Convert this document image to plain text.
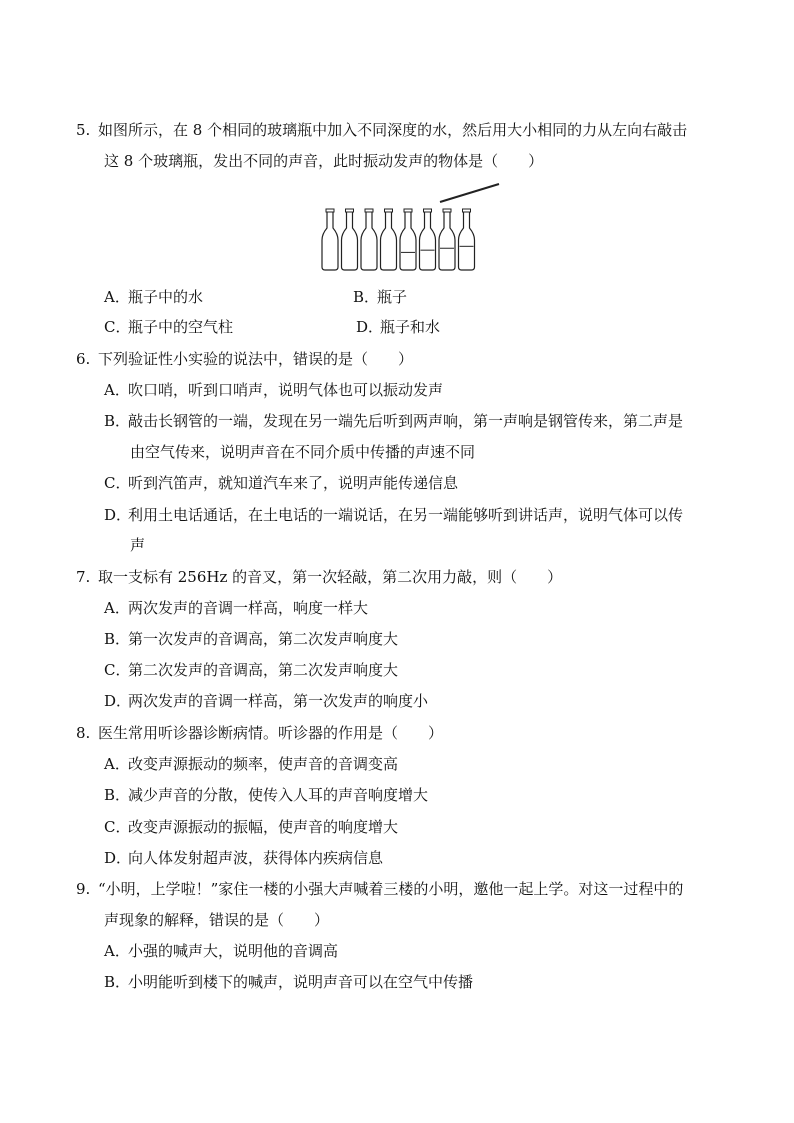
5. 如图所示，在 8 个相同的玻璃瓶中加入不同深度的水，然后用大小相同的力从左向右敲击
这 8 个玻璃瓶，发出不同的声音，此时振动发声的物体是（　　）
A．瓶子中的水	B．瓶子
C．瓶子中的空气柱	D．瓶子和水
6. 下列验证性小实验的说法中，错误的是（　　）
A．吹口哨，听到口哨声，说明气体也可以振动发声
B．敲击长钢管的一端，发现在另一端先后听到两声响，第一声响是钢管传来，第二声是
由空气传来，说明声音在不同介质中传播的声速不同
C．听到汽笛声，就知道汽车来了，说明声能传递信息
D．利用土电话通话，在土电话的一端说话，在另一端能够听到讲话声，说明气体可以传
声
7. 取一支标有 256Hz 的音叉，第一次轻敲，第二次用力敲，则（　　）
A．两次发声的音调一样高，响度一样大
B．第一次发声的音调高，第二次发声响度大
C．第二次发声的音调高，第二次发声响度大
D．两次发声的音调一样高，第一次发声的响度小
8. 医生常用听诊器诊断病情。听诊器的作用是（　　）
A．改变声源振动的频率，使声音的音调变高
B．减少声音的分散，使传入人耳的声音响度增大
C．改变声源振动的振幅，使声音的响度增大
D．向人体发射超声波，获得体内疾病信息
9. “小明，上学啦！”家住一楼的小强大声喊着三楼的小明，邀他一起上学。对这一过程中的
声现象的解释，错误的是（　　）
A．小强的喊声大，说明他的音调高
B．小明能听到楼下的喊声，说明声音可以在空气中传播
